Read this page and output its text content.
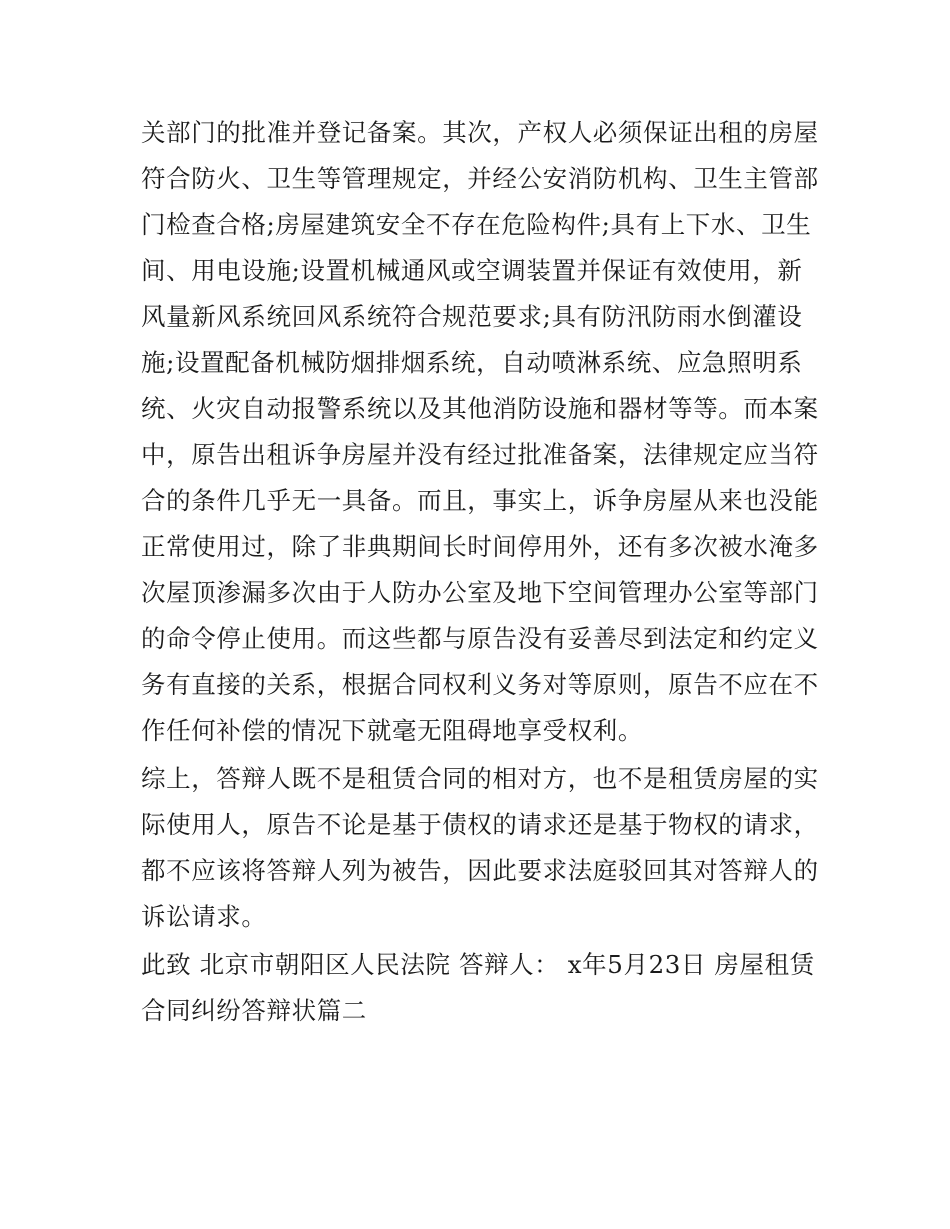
关部门的批准并登记备案。其次，产权人必须保证出租的房屋
符合防火、卫生等管理规定，并经公安消防机构、卫生主管部
门检查合格;房屋建筑安全不存在危险构件;具有上下水、卫生
间、用电设施;设置机械通风或空调装置并保证有效使用，新
风量新风系统回风系统符合规范要求;具有防汛防雨水倒灌设
施;设置配备机械防烟排烟系统，自动喷淋系统、应急照明系
统、火灾自动报警系统以及其他消防设施和器材等等。而本案
中，原告出租诉争房屋并没有经过批准备案，法律规定应当符
合的条件几乎无一具备。而且，事实上，诉争房屋从来也没能
正常使用过，除了非典期间长时间停用外，还有多次被水淹多
次屋顶渗漏多次由于人防办公室及地下空间管理办公室等部门
的命令停止使用。而这些都与原告没有妥善尽到法定和约定义
务有直接的关系，根据合同权利义务对等原则，原告不应在不
作任何补偿的情况下就毫无阻碍地享受权利。
综上，答辩人既不是租赁合同的相对方，也不是租赁房屋的实
际使用人，原告不论是基于债权的请求还是基于物权的请求，
都不应该将答辩人列为被告，因此要求法庭驳回其对答辩人的
诉讼请求。
此致 北京市朝阳区人民法院 答辩人： x年5月23日 房屋租赁
合同纠纷答辩状篇二
